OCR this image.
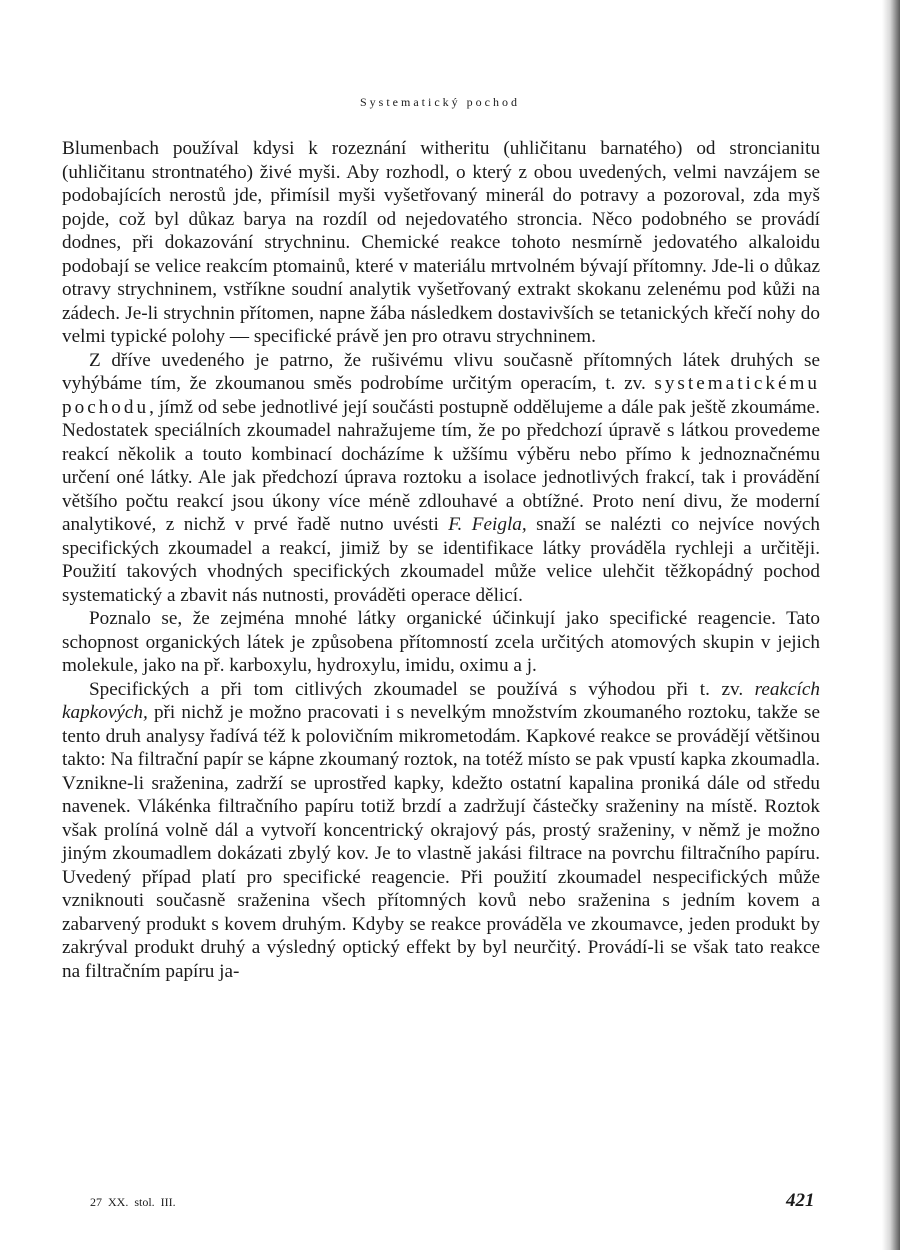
Systematický pochod

Blumenbach používal kdysi k rozeznání witheritu (uhličitanu barnatého) od stroncianitu (uhličitanu strontnatého) živé myši. Aby rozhodl, o který z obou uvedených, velmi navzájem se podobajících nerostů jde, přimísil myši vyšetřovaný minerál do potravy a pozoroval, zda myš pojde, což byl důkaz barya na rozdíl od nejedovatého stroncia. Něco podobného se provádí dodnes, při dokazování strychninu. Chemické reakce tohoto nesmírně jedovatého alkaloidu podobají se velice reakcím ptomainů, které v materiálu mrtvolném bývají přítomny. Jde-li o důkaz otravy strychninem, vstříkne soudní analytik vyšetřovaný extrakt skokanu zelenému pod kůži na zádech. Je-li strychnin přítomen, napne žába následkem dostavivších se tetanických křečí nohy do velmi typické polohy — specifické právě jen pro otravu strychninem.

Z dříve uvedeného je patrno, že rušivému vlivu současně přítomných látek druhých se vyhýbáme tím, že zkoumanou směs podrobíme určitým operacím, t. zv. systematickému pochodu, jímž od sebe jednotlivé její součásti postupně oddělujeme a dále pak ještě zkoumáme. Nedostatek speciálních zkoumadel nahražujeme tím, že po předchozí úpravě s látkou provedeme reakcí několik a touto kombinací docházíme k užšímu výběru nebo přímo k jednoznačnému určení oné látky. Ale jak předchozí úprava roztoku a isolace jednotlivých frakcí, tak i provádění většího počtu reakcí jsou úkony více méně zdlouhavé a obtížné. Proto není divu, že moderní analytikové, z nichž v prvé řadě nutno uvésti F. Feigla, snaží se nalézti co nejvíce nových specifických zkoumadel a reakcí, jimiž by se identifikace látky prováděla rychleji a určitěji. Použití takových vhodných specifických zkoumadel může velice ulehčit těžkopádný pochod systematický a zbavit nás nutnosti, prováděti operace dělicí.

Poznalo se, že zejména mnohé látky organické účinkují jako specifické reagencie. Tato schopnost organických látek je způsobena přítomností zcela určitých atomových skupin v jejich molekule, jako na př. karboxylu, hydroxylu, imidu, oximu a j.

Specifických a při tom citlivých zkoumadel se používá s výhodou při t. zv. reakcích kapkových, při nichž je možno pracovati i s nevelkým množstvím zkoumaného roztoku, takže se tento druh analysy řadívá též k polovičním mikrometodám. Kapkové reakce se provádějí většinou takto: Na filtrační papír se kápne zkoumaný roztok, na totéž místo se pak vpustí kapka zkoumadla. Vznikne-li sraženina, zadrží se uprostřed kapky, kdežto ostatní kapalina proniká dále od středu navenek. Vlákénka filtračního papíru totiž brzdí a zadržují částečky sraženiny na místě. Roztok však prolíná volně dál a vytvoří koncentrický okrajový pás, prostý sraženiny, v němž je možno jiným zkoumadlem dokázati zbylý kov. Je to vlastně jakási filtrace na povrchu filtračního papíru. Uvedený případ platí pro specifické reagencie. Při použití zkoumadel nespecifických může vzniknouti současně sraženina všech přítomných kovů nebo sraženina s jedním kovem a zabarvený produkt s kovem druhým. Kdyby se reakce prováděla ve zkoumavce, jeden produkt by zakrýval produkt druhý a výsledný optický effekt by byl neurčitý. Provádí-li se však tato reakce na filtračním papíru ja-

27 XX. stol. III.	421
